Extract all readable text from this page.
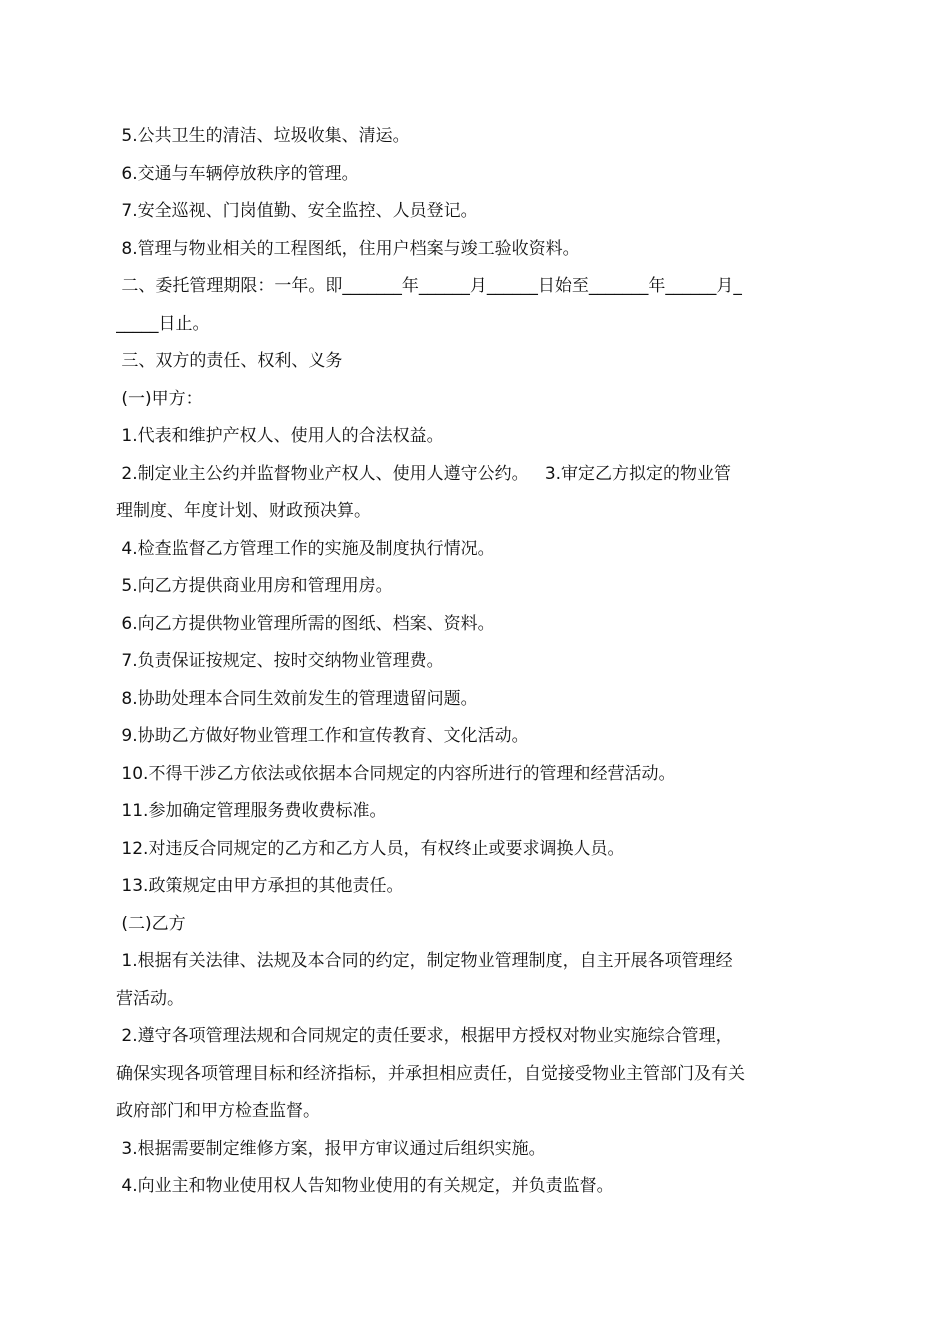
5.公共卫生的清洁、垃圾收集、清运。
6.交通与车辆停放秩序的管理。
7.安全巡视、门岗值勤、安全监控、人员登记。
8.管理与物业相关的工程图纸，住用户档案与竣工验收资料。
二、委托管理期限：一年。即_______年______月______日始至_______年______月_
_____日止。
三、双方的责任、权利、义务
(一)甲方：
1.代表和维护产权人、使用人的合法权益。
2.制定业主公约并监督物业产权人、使用人遵守公约。   3.审定乙方拟定的物业管
理制度、年度计划、财政预决算。
4.检查监督乙方管理工作的实施及制度执行情况。
5.向乙方提供商业用房和管理用房。
6.向乙方提供物业管理所需的图纸、档案、资料。
7.负责保证按规定、按时交纳物业管理费。
8.协助处理本合同生效前发生的管理遗留问题。
9.协助乙方做好物业管理工作和宣传教育、文化活动。
10.不得干涉乙方依法或依据本合同规定的内容所进行的管理和经营活动。
11.参加确定管理服务费收费标准。
12.对违反合同规定的乙方和乙方人员，有权终止或要求调换人员。
13.政策规定由甲方承担的其他责任。
(二)乙方
1.根据有关法律、法规及本合同的约定，制定物业管理制度，自主开展各项管理经
营活动。
2.遵守各项管理法规和合同规定的责任要求，根据甲方授权对物业实施综合管理，
确保实现各项管理目标和经济指标，并承担相应责任，自觉接受物业主管部门及有关
政府部门和甲方检查监督。
3.根据需要制定维修方案，报甲方审议通过后组织实施。
4.向业主和物业使用权人告知物业使用的有关规定，并负责监督。
